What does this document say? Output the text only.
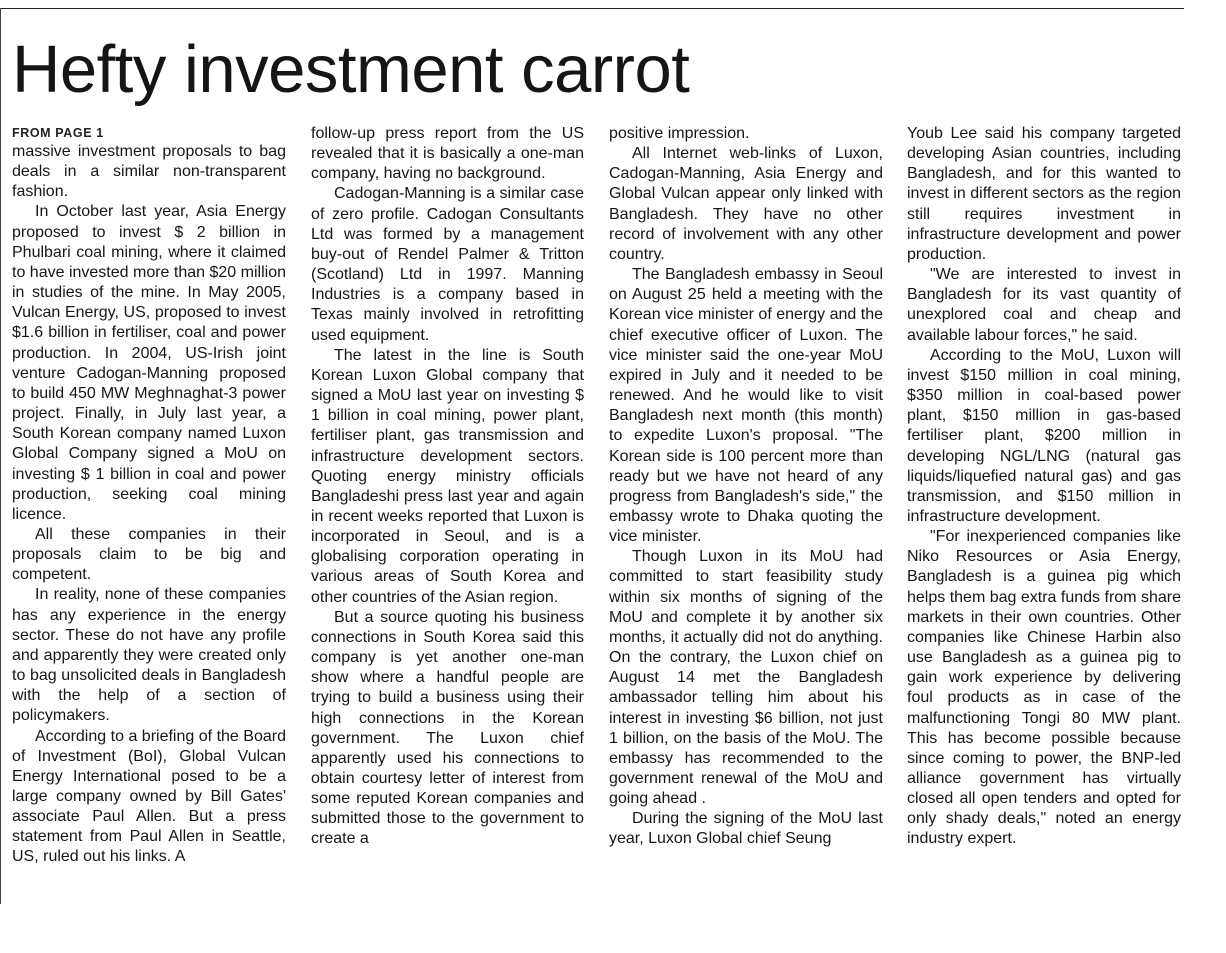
Hefty investment carrot
FROM PAGE 1

massive investment proposals to bag deals in a similar non-transparent fashion.

In October last year, Asia Energy proposed to invest $ 2 billion in Phulbari coal mining, where it claimed to have invested more than $20 million in studies of the mine. In May 2005, Vulcan Energy, US, proposed to invest $1.6 billion in fertiliser, coal and power production. In 2004, US-Irish joint venture Cadogan-Manning proposed to build 450 MW Meghnaghat-3 power project. Finally, in July last year, a South Korean company named Luxon Global Company signed a MoU on investing $ 1 billion in coal and power production, seeking coal mining licence.

All these companies in their proposals claim to be big and competent.

In reality, none of these companies has any experience in the energy sector. These do not have any profile and apparently they were created only to bag unsolicited deals in Bangladesh with the help of a section of policymakers.

According to a briefing of the Board of Investment (BoI), Global Vulcan Energy International posed to be a large company owned by Bill Gates' associate Paul Allen. But a press statement from Paul Allen in Seattle, US, ruled out his links. A

follow-up press report from the US revealed that it is basically a one-man company, having no background.

Cadogan-Manning is a similar case of zero profile. Cadogan Consultants Ltd was formed by a management buy-out of Rendel Palmer & Tritton (Scotland) Ltd in 1997. Manning Industries is a company based in Texas mainly involved in retrofitting used equipment.

The latest in the line is South Korean Luxon Global company that signed a MoU last year on investing $ 1 billion in coal mining, power plant, fertiliser plant, gas transmission and infrastructure development sectors. Quoting energy ministry officials Bangladeshi press last year and again in recent weeks reported that Luxon is incorporated in Seoul, and is a globalising corporation operating in various areas of South Korea and other countries of the Asian region.

But a source quoting his business connections in South Korea said this company is yet another one-man show where a handful people are trying to build a business using their high connections in the Korean government. The Luxon chief apparently used his connections to obtain courtesy letter of interest from some reputed Korean companies and submitted those to the government to create a

positive impression.

All Internet web-links of Luxon, Cadogan-Manning, Asia Energy and Global Vulcan appear only linked with Bangladesh. They have no other record of involvement with any other country.

The Bangladesh embassy in Seoul on August 25 held a meeting with the Korean vice minister of energy and the chief executive officer of Luxon. The vice minister said the one-year MoU expired in July and it needed to be renewed. And he would like to visit Bangladesh next month (this month) to expedite Luxon's proposal. "The Korean side is 100 percent more than ready but we have not heard of any progress from Bangladesh's side," the embassy wrote to Dhaka quoting the vice minister.

Though Luxon in its MoU had committed to start feasibility study within six months of signing of the MoU and complete it by another six months, it actually did not do anything. On the contrary, the Luxon chief on August 14 met the Bangladesh ambassador telling him about his interest in investing $6 billion, not just 1 billion, on the basis of the MoU. The embassy has recommended to the government renewal of the MoU and going ahead .

During the signing of the MoU last year, Luxon Global chief Seung

Youb Lee said his company targeted developing Asian countries, including Bangladesh, and for this wanted to invest in different sectors as the region still requires investment in infrastructure development and power production.

"We are interested to invest in Bangladesh for its vast quantity of unexplored coal and cheap and available labour forces," he said.

According to the MoU, Luxon will invest $150 million in coal mining, $350 million in coal-based power plant, $150 million in gas-based fertiliser plant, $200 million in developing NGL/LNG (natural gas liquids/liquefied natural gas) and gas transmission, and $150 million in infrastructure development.

"For inexperienced companies like Niko Resources or Asia Energy, Bangladesh is a guinea pig which helps them bag extra funds from share markets in their own countries. Other companies like Chinese Harbin also use Bangladesh as a guinea pig to gain work experience by delivering foul products as in case of the malfunctioning Tongi 80 MW plant. This has become possible because since coming to power, the BNP-led alliance government has virtually closed all open tenders and opted for only shady deals," noted an energy industry expert.
